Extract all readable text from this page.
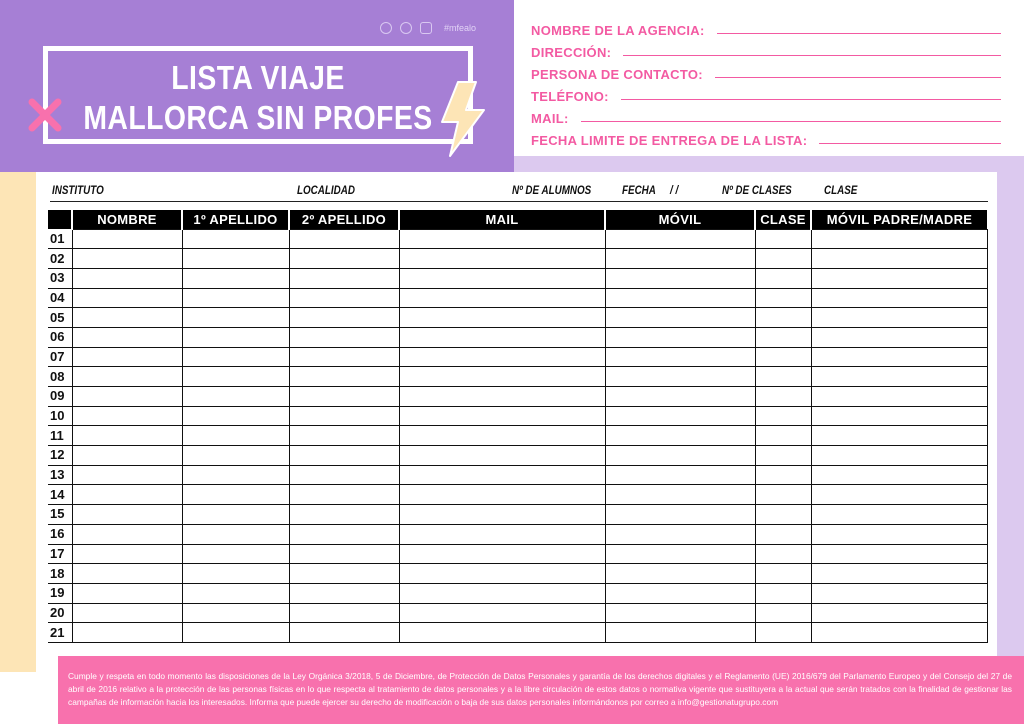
#mfealo
LISTA VIAJE
MALLORCA SIN PROFES
NOMBRE DE LA AGENCIA:
DIRECCIÓN:
PERSONA DE CONTACTO:
TELÉFONO:
MAIL:
FECHA LIMITE DE ENTREGA DE LA LISTA:
INSTITUTO	LOCALIDAD	Nº DE ALUMNOS	FECHA / /	Nº DE CLASES	CLASE
	NOMBRE	1º APELLIDO	2º APELLIDO	MAIL	MÓVIL	CLASE	MÓVIL PADRE/MADRE
01							
02							
03							
04							
05							
06							
07							
08							
09							
10							
11							
12							
13							
14							
15							
16							
17							
18							
19							
20							
21							
Cumple y respeta en todo momento las disposiciones de la Ley Orgánica 3/2018, 5 de Diciembre, de Protección de Datos Personales y garantía de los derechos digitales y el Reglamento (UE) 2016/679 del Parlamento Europeo y del Consejo del 27 de abril de 2016 relativo a la protección de las personas físicas en lo que respecta al tratamiento de datos personales y a la libre circulación de estos datos o normativa vigente que sustituyera a la actual que serán tratados con la finalidad de gestionar las campañas de información hacia los interesados. Informa que puede ejercer su derecho de modificación o baja de sus datos personales informándonos por correo a info@gestionatugrupo.com
